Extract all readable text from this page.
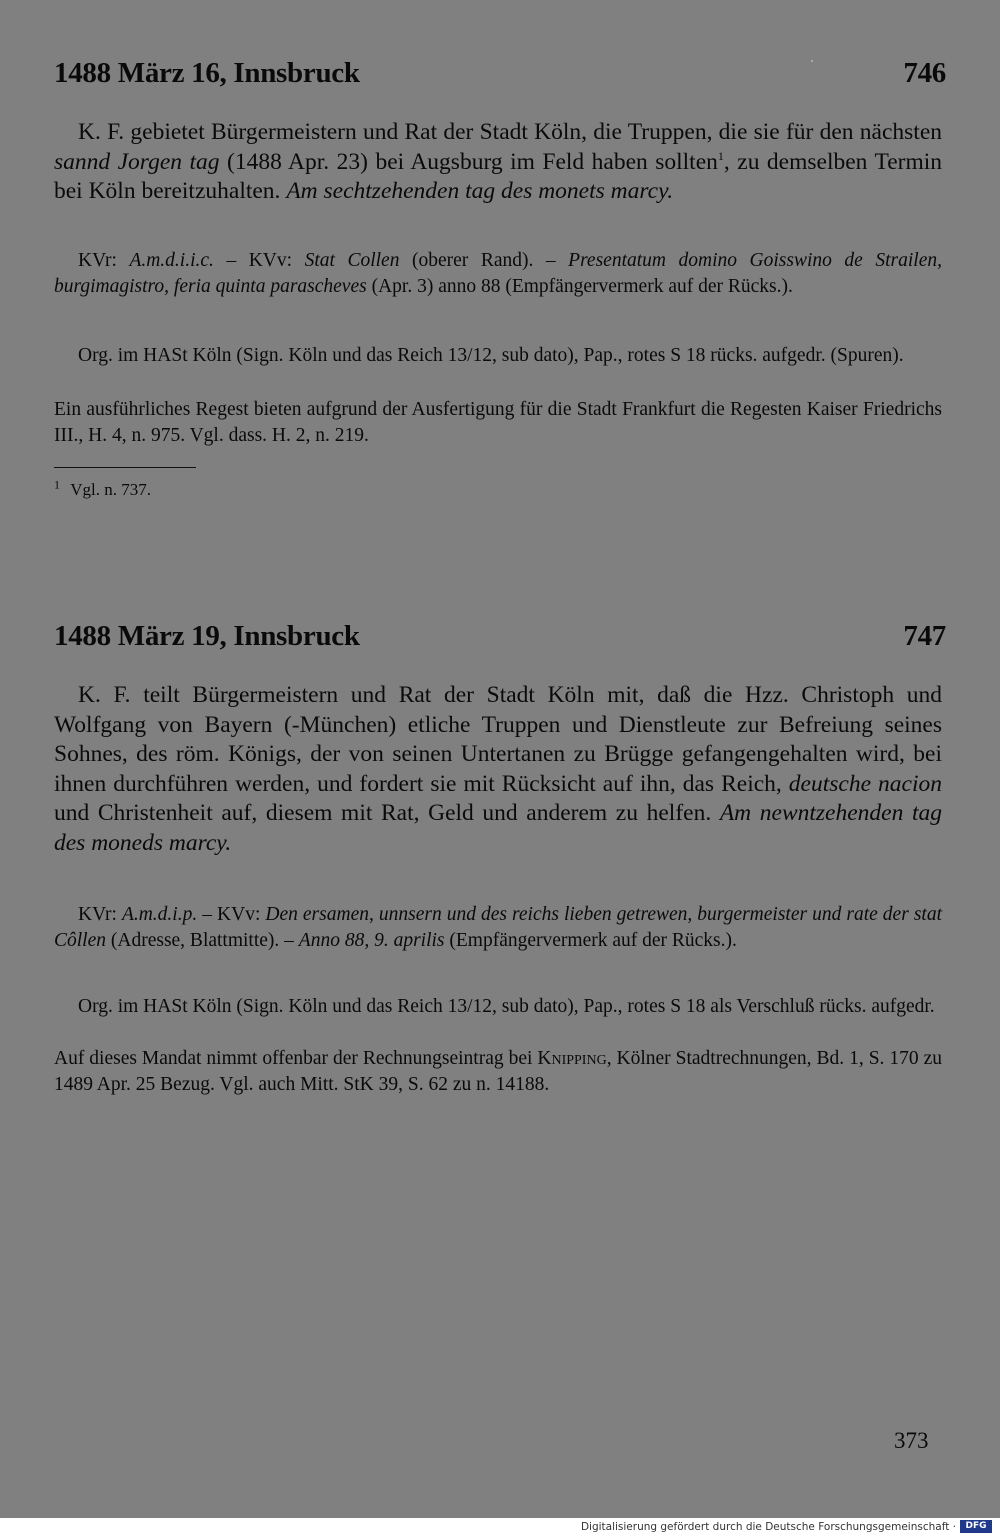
1488 März 16, Innsbruck	746
K. F. gebietet Bürgermeistern und Rat der Stadt Köln, die Truppen, die sie für den nächsten sannd Jorgen tag (1488 Apr. 23) bei Augsburg im Feld haben sollten$^1$, zu demselben Termin bei Köln bereitzuhalten. Am sechtzehenden tag des monets marcy.
KVr: A.m.d.i.i.c. – KVv: Stat Collen (oberer Rand). – Presentatum domino Goisswino de Strailen, burgimagistro, feria quinta parascheves (Apr. 3) anno 88 (Empfängervermerk auf der Rücks.).
Org. im HASt Köln (Sign. Köln und das Reich 13/12, sub dato), Pap., rotes S 18 rücks. aufgedr. (Spuren).
Ein ausführliches Regest bieten aufgrund der Ausfertigung für die Stadt Frankfurt die Regesten Kaiser Friedrichs III., H. 4, n. 975. Vgl. dass. H. 2, n. 219.
$^1$ Vgl. n. 737.
1488 März 19, Innsbruck	747
K. F. teilt Bürgermeistern und Rat der Stadt Köln mit, daß die Hzz. Christoph und Wolfgang von Bayern (-München) etliche Truppen und Dienstleute zur Befreiung seines Sohnes, des röm. Königs, der von seinen Untertanen zu Brügge gefangengehalten wird, bei ihnen durchführen werden, und fordert sie mit Rücksicht auf ihn, das Reich, deutsche nacion und Christenheit auf, diesem mit Rat, Geld und anderem zu helfen. Am newntzehenden tag des moneds marcy.
KVr: A.m.d.i.p. – KVv: Den ersamen, unnsern und des reichs lieben getrewen, burgermeister und rate der stat Côllen (Adresse, Blattmitte). – Anno 88, 9. aprilis (Empfängervermerk auf der Rücks.).
Org. im HASt Köln (Sign. Köln und das Reich 13/12, sub dato), Pap., rotes S 18 als Verschluß rücks. aufgedr.
Auf dieses Mandat nimmt offenbar der Rechnungseintrag bei Knipping, Kölner Stadtrechnungen, Bd. 1, S. 170 zu 1489 Apr. 25 Bezug. Vgl. auch Mitt. StK 39, S. 62 zu n. 14188.
373
Digitalisierung gefördert durch die Deutsche Forschungsgemeinschaft ·	DFG
